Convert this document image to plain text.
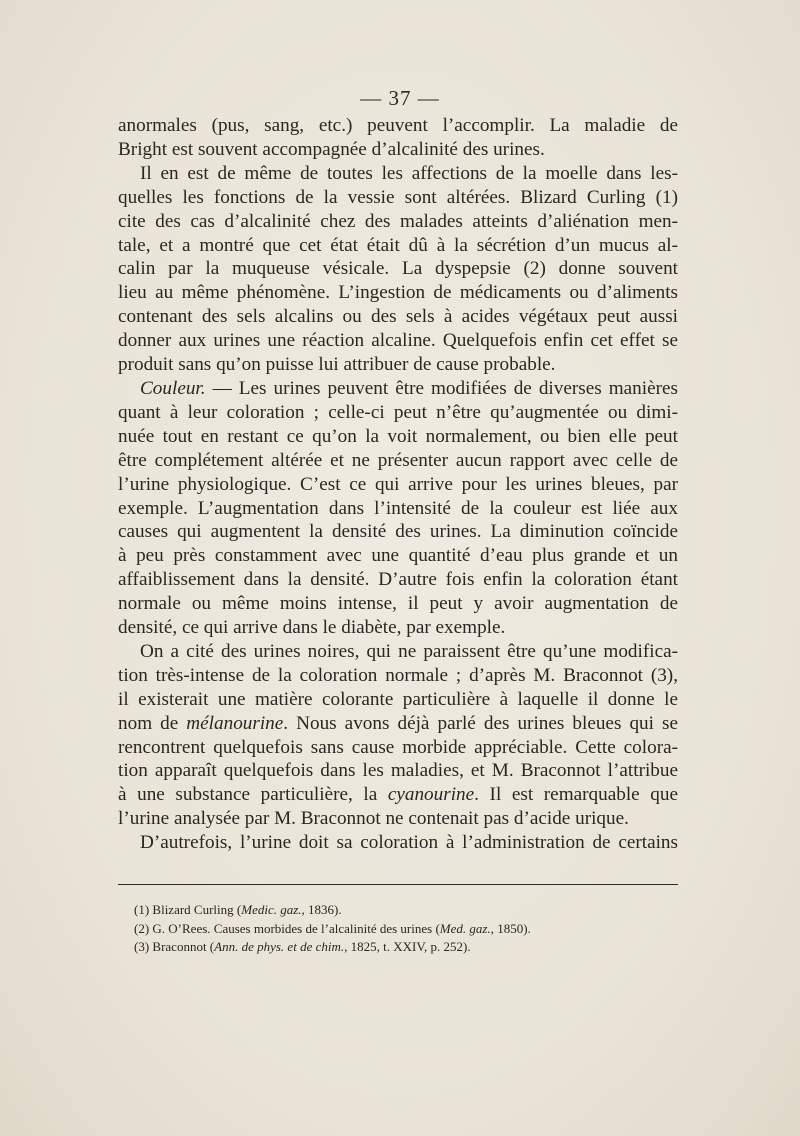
— 37 —
anormales (pus, sang, etc.) peuvent l’accomplir. La maladie de
Bright est souvent accompagnée d’alcalinité des urines.
Il en est de même de toutes les affections de la moelle dans les-
quelles les fonctions de la vessie sont altérées. Blizard Curling (1)
cite des cas d’alcalinité chez des malades atteints d’aliénation men-
tale, et a montré que cet état était dû à la sécrétion d’un mucus al-
calin par la muqueuse vésicale. La dyspepsie (2) donne souvent
lieu au même phénomène. L’ingestion de médicaments ou d’aliments
contenant des sels alcalins ou des sels à acides végétaux peut aussi
donner aux urines une réaction alcaline. Quelquefois enfin cet effet se
produit sans qu’on puisse lui attribuer de cause probable.
Couleur. — Les urines peuvent être modifiées de diverses manières
quant à leur coloration ; celle-ci peut n’être qu’augmentée ou dimi-
nuée tout en restant ce qu’on la voit normalement, ou bien elle peut
être complétement altérée et ne présenter aucun rapport avec celle de
l’urine physiologique. C’est ce qui arrive pour les urines bleues, par
exemple. L’augmentation dans l’intensité de la couleur est liée aux
causes qui augmentent la densité des urines. La diminution coïncide
à peu près constamment avec une quantité d’eau plus grande et un
affaiblissement dans la densité. D’autre fois enfin la coloration étant
normale ou même moins intense, il peut y avoir augmentation de
densité, ce qui arrive dans le diabète, par exemple.
On a cité des urines noires, qui ne paraissent être qu’une modifica-
tion très-intense de la coloration normale ; d’après M. Braconnot (3),
il existerait une matière colorante particulière à laquelle il donne le
nom de mélanourine. Nous avons déjà parlé des urines bleues qui se
rencontrent quelquefois sans cause morbide appréciable. Cette colora-
tion apparaît quelquefois dans les maladies, et M. Braconnot l’attribue
à une substance particulière, la cyanourine. Il est remarquable que
l’urine analysée par M. Braconnot ne contenait pas d’acide urique.
D’autrefois, l’urine doit sa coloration à l’administration de certains
(1) Blizard Curling (Medic. gaz., 1836).
(2) G. O’Rees. Causes morbides de l’alcalinité des urines (Med. gaz., 1850).
(3) Braconnot (Ann. de phys. et de chim., 1825, t. XXIV, p. 252).
